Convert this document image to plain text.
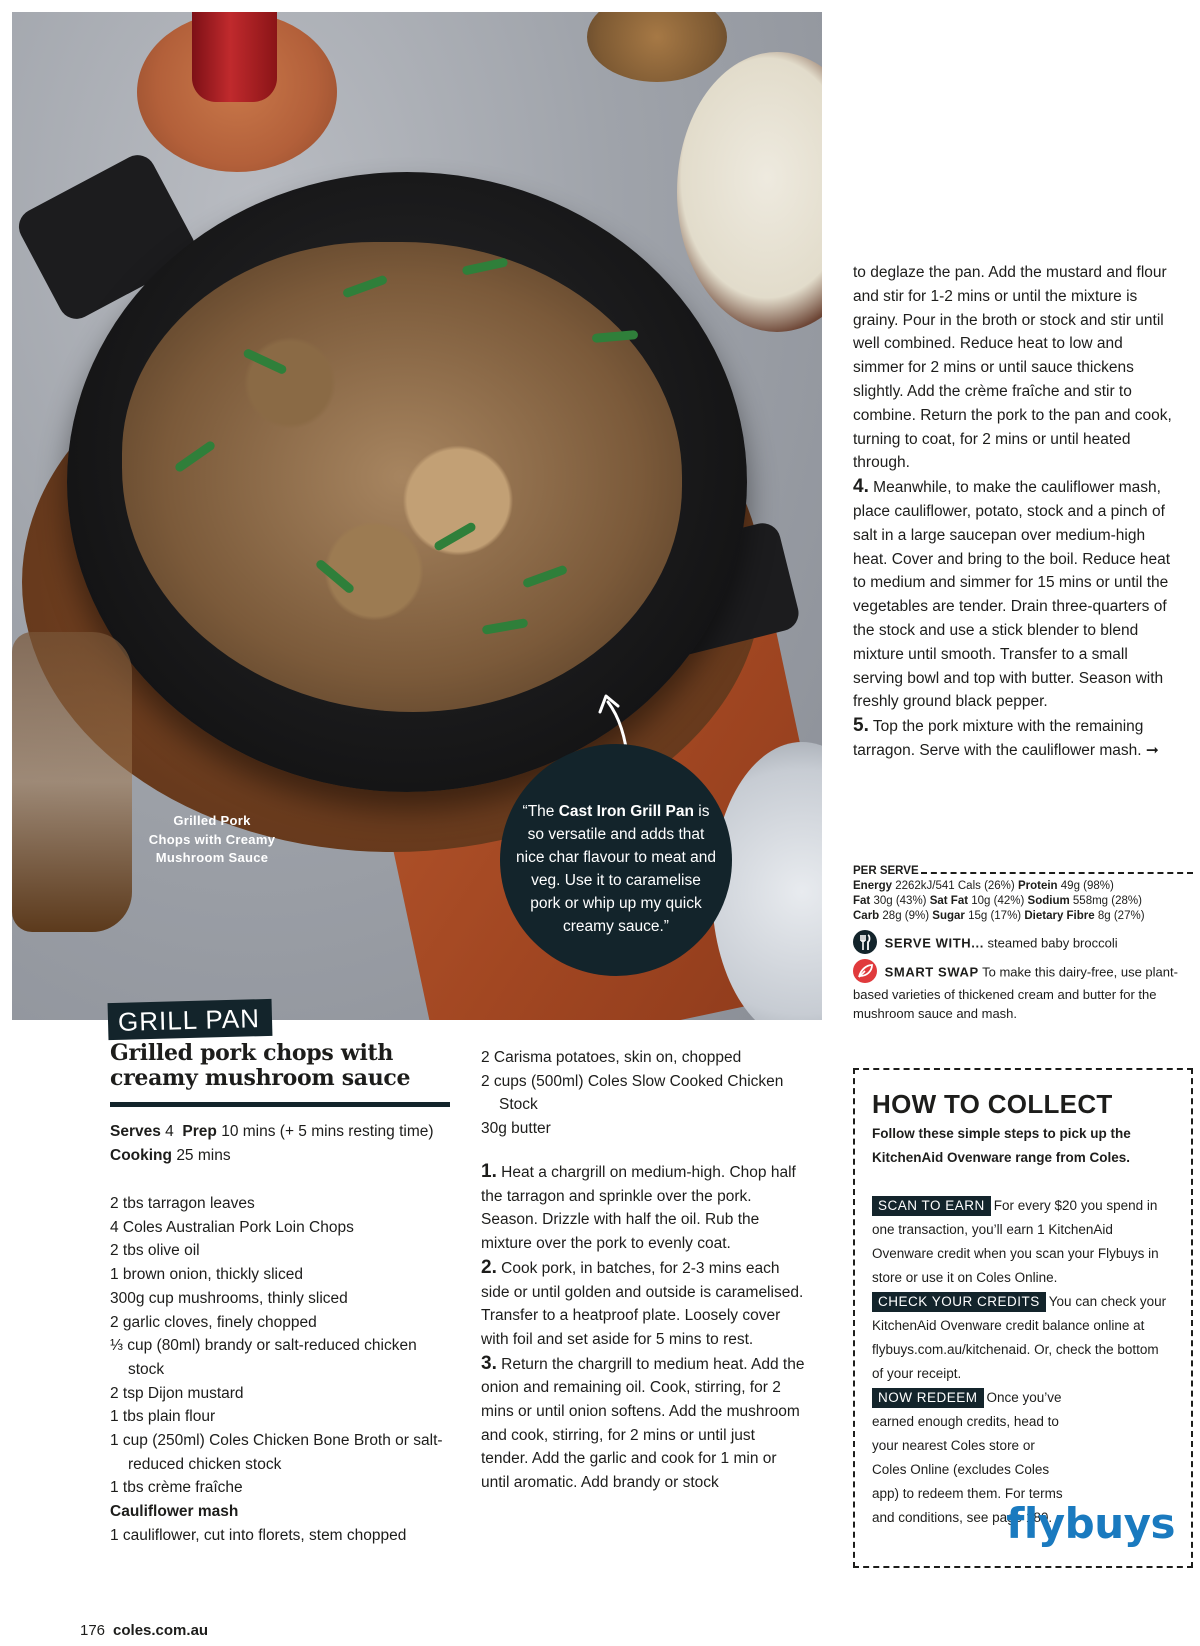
Grilled Pork
Chops with Creamy
Mushroom Sauce
“The Cast Iron Grill Pan is so versatile and adds that nice char flavour to meat and veg. Use it to caramelise pork or whip up my quick creamy sauce.”
GRILL PAN
Grilled pork chops with
creamy mushroom sauce
Serves 4 Prep 10 mins (+ 5 mins resting time)  Cooking 25 mins
2 tbs tarragon leaves
4 Coles Australian Pork Loin Chops
2 tbs olive oil
1 brown onion, thickly sliced
300g cup mushrooms, thinly sliced
2 garlic cloves, finely chopped
⅓ cup (80ml) brandy or salt-reduced chicken stock
2 tsp Dijon mustard
1 tbs plain flour
1 cup (250ml) Coles Chicken Bone Broth or salt-reduced chicken stock
1 tbs crème fraîche
Cauliflower mash
1 cauliflower, cut into florets, stem chopped
2 Carisma potatoes, skin on, chopped
2 cups (500ml) Coles Slow Cooked Chicken Stock
30g butter
1. Heat a chargrill on medium-high. Chop half the tarragon and sprinkle over the pork. Season. Drizzle with half the oil. Rub the mixture over the pork to evenly coat.
2. Cook pork, in batches, for 2-3 mins each side or until golden and outside is caramelised. Transfer to a heatproof plate. Loosely cover with foil and set aside for 5 mins to rest.
3. Return the chargrill to medium heat. Add the onion and remaining oil. Cook, stirring, for 2 mins or until onion softens. Add the mushroom and cook, stirring, for 2 mins or until just tender. Add the garlic and cook for 1 min or until aromatic. Add brandy or stock

to deglaze the pan. Add the mustard and flour and stir for 1-2 mins or until the mixture is grainy. Pour in the broth or stock and stir until well combined. Reduce heat to low and simmer for 2 mins or until sauce thickens slightly. Add the crème fraîche and stir to combine. Return the pork to the pan and cook, turning to coat, for 2 mins or until heated through.

4. Meanwhile, to make the cauliflower mash, place cauliflower, potato, stock and a pinch of salt in a large saucepan over medium-high heat. Cover and bring to the boil. Reduce heat to medium and simmer for 15 mins or until the vegetables are tender. Drain three-quarters of the stock and use a stick blender to blend mixture until smooth. Transfer to a small serving bowl and top with butter. Season with freshly ground black pepper.

5. Top the pork mixture with the remaining tarragon. Serve with the cauliflower mash. ➞

PER SERVE
Energy 2262kJ/541 Cals (26%) Protein 49g (98%)
Fat 30g (43%) Sat Fat 10g (42%) Sodium 558mg (28%)
Carb 28g (9%) Sugar 15g (17%) Dietary Fibre 8g (27%)
SERVE WITH... steamed baby broccoli
SMART SWAP To make this dairy-free, use plant-based varieties of thickened cream and butter for the mushroom sauce and mash.
HOW TO COLLECT
Follow these simple steps to pick up the KitchenAid Ovenware range from Coles.
SCAN TO EARN For every $20 you spend in one transaction, you’ll earn 1 KitchenAid Ovenware credit when you scan your Flybuys in store or use it on Coles Online.
CHECK YOUR CREDITS You can check your KitchenAid Ovenware credit balance online at flybuys.com.au/kitchenaid. Or, check the bottom of your receipt.
NOW REDEEM Once you’ve earned enough credits, head to your nearest Coles store or Coles Online (excludes Coles app) to redeem them. For terms and conditions, see page 180.
flybuys
176 coles.com.au
